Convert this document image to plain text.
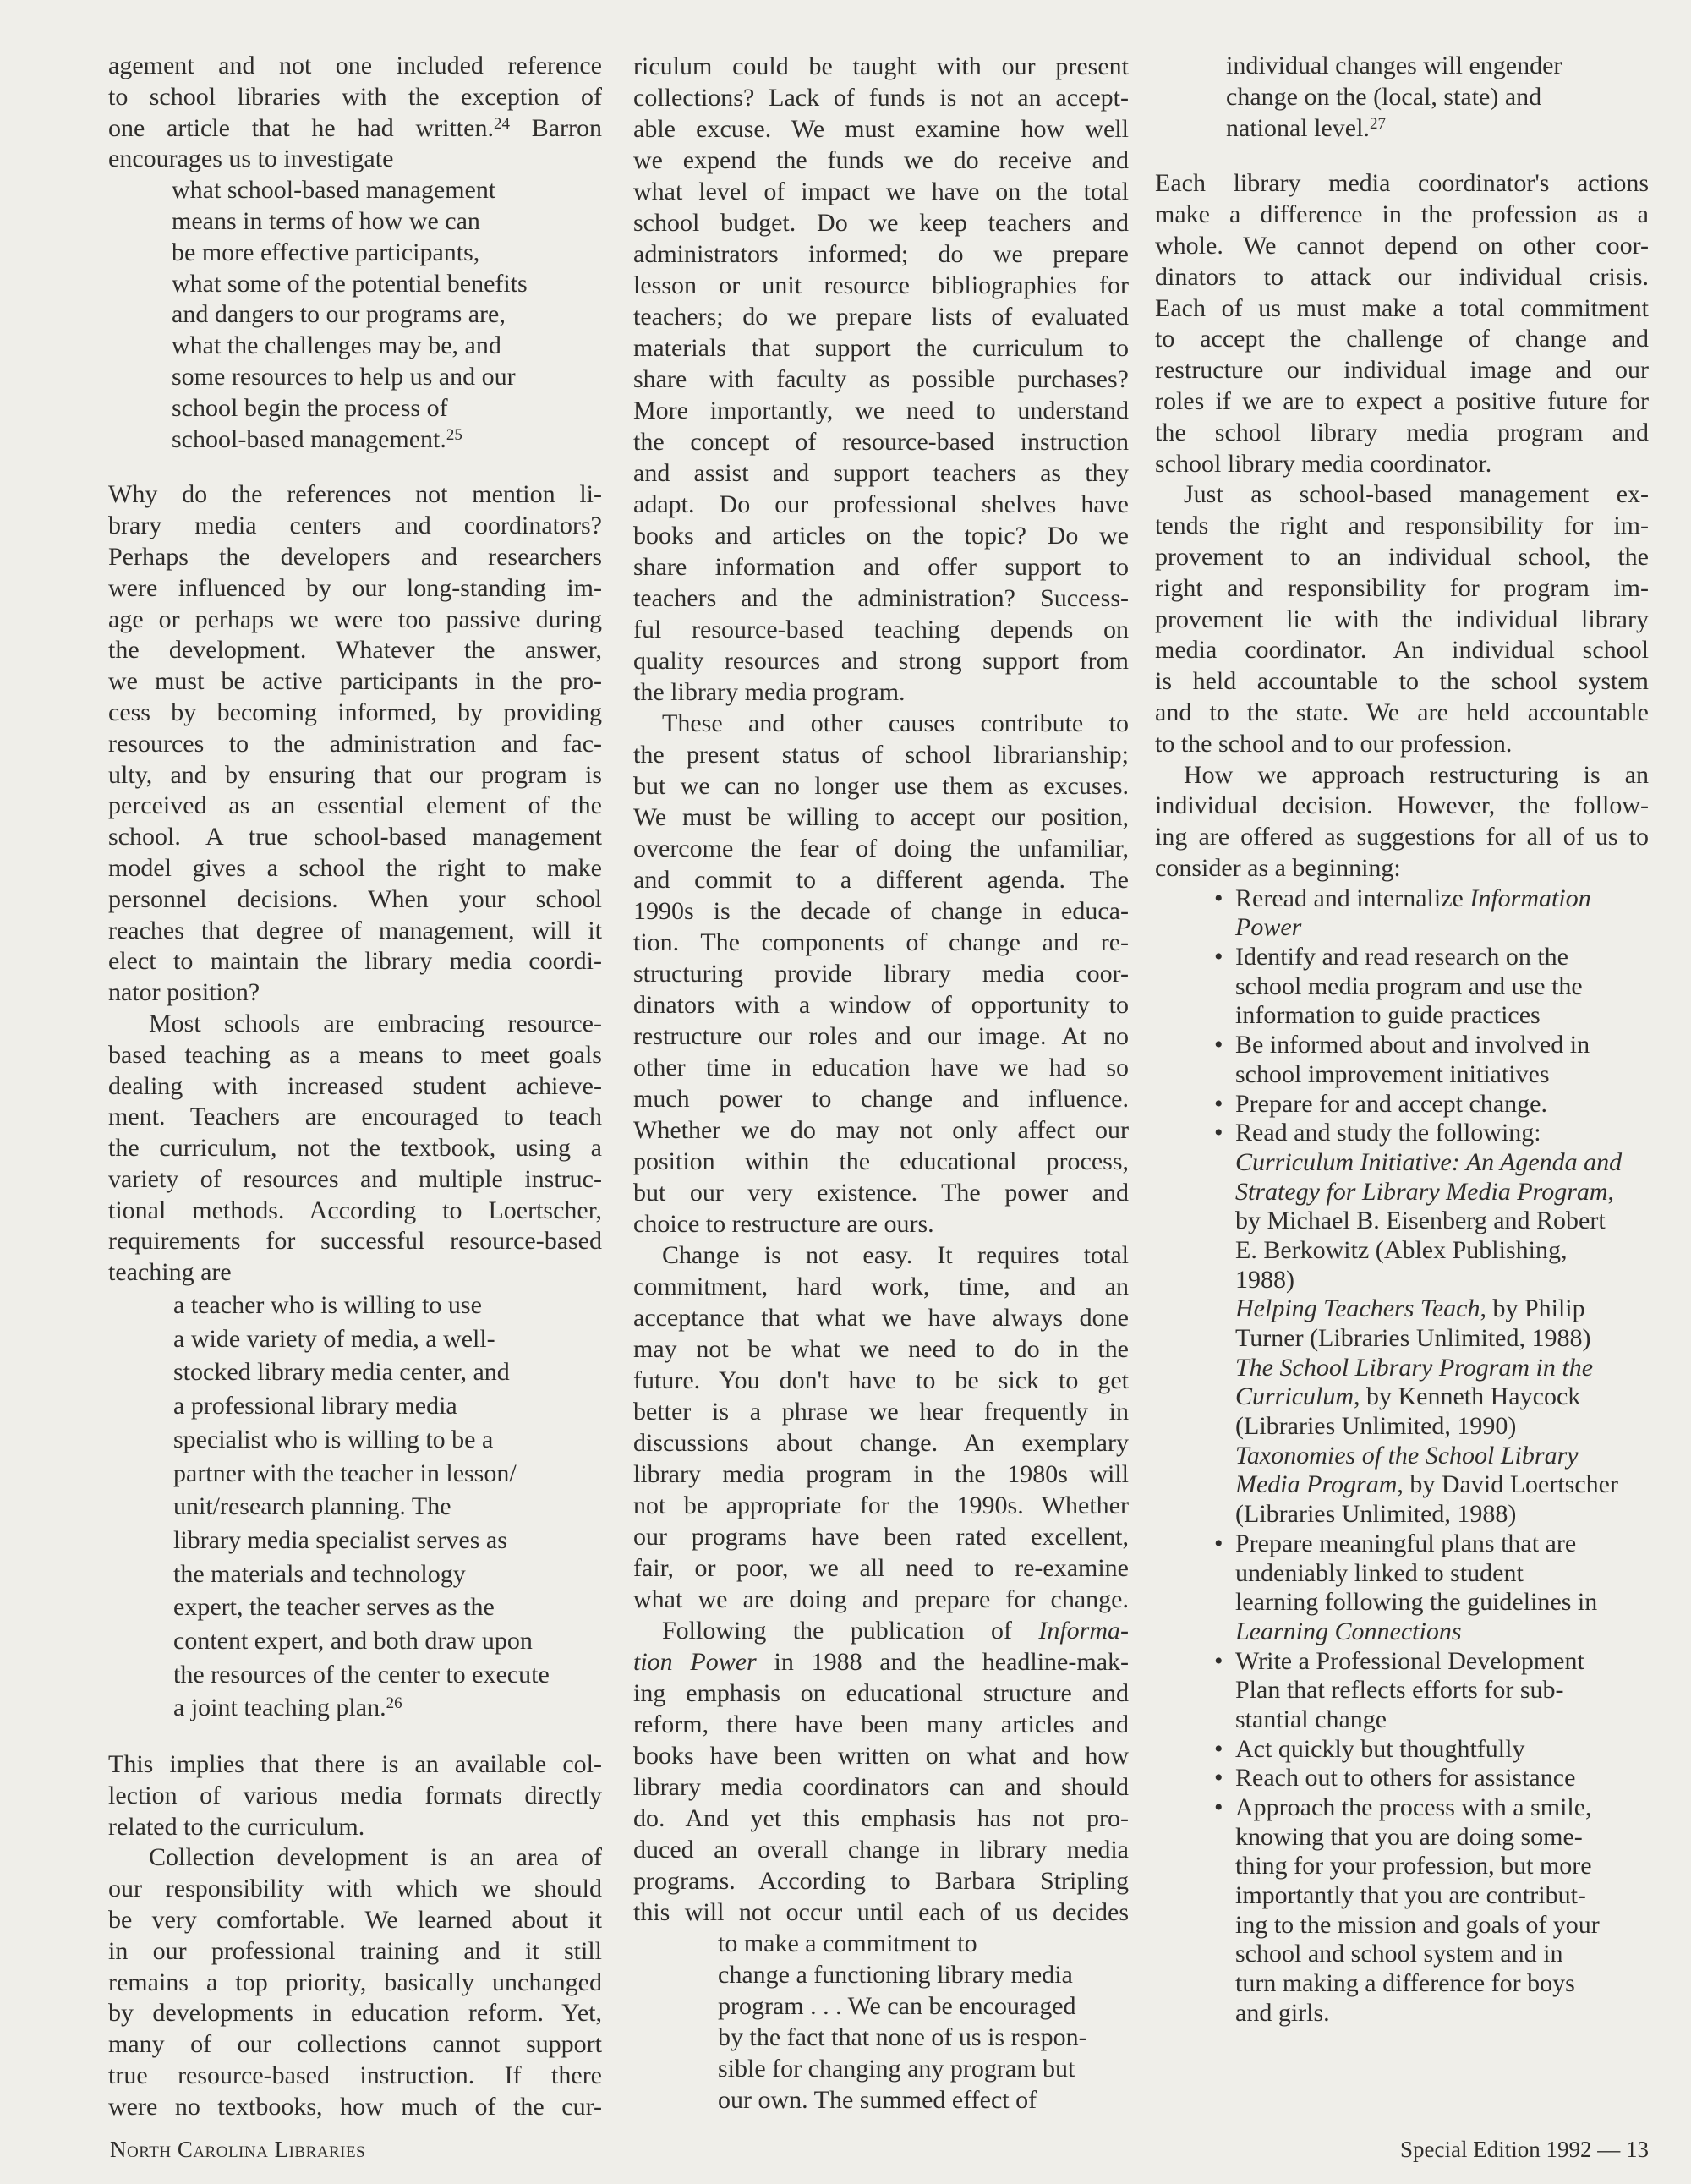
agement and not one included reference
to school libraries with the exception of
one article that he had written.$^{24}$ Barron
encourages us to investigate
what school-based management
means in terms of how we can
be more effective participants,
what some of the potential benefits
and dangers to our programs are,
what the challenges may be, and
some resources to help us and our
school begin the process of
school-based management.$^{25}$
Why do the references not mention li-
brary media centers and coordinators?
Perhaps the developers and researchers
were influenced by our long-standing im-
age or perhaps we were too passive during
the development. Whatever the answer,
we must be active participants in the pro-
cess by becoming informed, by providing
resources to the administration and fac-
ulty, and by ensuring that our program is
perceived as an essential element of the
school. A true school-based management
model gives a school the right to make
personnel decisions. When your school
reaches that degree of management, will it
elect to maintain the library media coordi-
nator position?
Most schools are embracing resource-
based teaching as a means to meet goals
dealing with increased student achieve-
ment. Teachers are encouraged to teach
the curriculum, not the textbook, using a
variety of resources and multiple instruc-
tional methods. According to Loertscher,
requirements for successful resource-based
teaching are
a teacher who is willing to use
a wide variety of media, a well-
stocked library media center, and
a professional library media
specialist who is willing to be a
partner with the teacher in lesson/
unit/research planning. The
library media specialist serves as
the materials and technology
expert, the teacher serves as the
content expert, and both draw upon
the resources of the center to execute
a joint teaching plan.$^{26}$
This implies that there is an available col-
lection of various media formats directly
related to the curriculum.
Collection development is an area of
our responsibility with which we should
be very comfortable. We learned about it
in our professional training and it still
remains a top priority, basically unchanged
by developments in education reform. Yet,
many of our collections cannot support
true resource-based instruction. If there
were no textbooks, how much of the cur-
riculum could be taught with our present
collections? Lack of funds is not an accept-
able excuse. We must examine how well
we expend the funds we do receive and
what level of impact we have on the total
school budget. Do we keep teachers and
administrators informed; do we prepare
lesson or unit resource bibliographies for
teachers; do we prepare lists of evaluated
materials that support the curriculum to
share with faculty as possible purchases?
More importantly, we need to understand
the concept of resource-based instruction
and assist and support teachers as they
adapt. Do our professional shelves have
books and articles on the topic? Do we
share information and offer support to
teachers and the administration? Success-
ful resource-based teaching depends on
quality resources and strong support from
the library media program.
These and other causes contribute to
the present status of school librarianship;
but we can no longer use them as excuses.
We must be willing to accept our position,
overcome the fear of doing the unfamiliar,
and commit to a different agenda. The
1990s is the decade of change in educa-
tion. The components of change and re-
structuring provide library media coor-
dinators with a window of opportunity to
restructure our roles and our image. At no
other time in education have we had so
much power to change and influence.
Whether we do may not only affect our
position within the educational process,
but our very existence. The power and
choice to restructure are ours.
Change is not easy. It requires total
commitment, hard work, time, and an
acceptance that what we have always done
may not be what we need to do in the
future. You don't have to be sick to get
better is a phrase we hear frequently in
discussions about change. An exemplary
library media program in the 1980s will
not be appropriate for the 1990s. Whether
our programs have been rated excellent,
fair, or poor, we all need to re-examine
what we are doing and prepare for change.
Following the publication of Informa-
tion Power in 1988 and the headline-mak-
ing emphasis on educational structure and
reform, there have been many articles and
books have been written on what and how
library media coordinators can and should
do. And yet this emphasis has not pro-
duced an overall change in library media
programs. According to Barbara Stripling
this will not occur until each of us decides
to make a commitment to
change a functioning library media
program . . . We can be encouraged
by the fact that none of us is respon-
sible for changing any program but
our own. The summed effect of
individual changes will engender
change on the (local, state) and
national level.$^{27}$
Each library media coordinator's actions
make a difference in the profession as a
whole. We cannot depend on other coor-
dinators to attack our individual crisis.
Each of us must make a total commitment
to accept the challenge of change and
restructure our individual image and our
roles if we are to expect a positive future for
the school library media program and
school library media coordinator.
Just as school-based management ex-
tends the right and responsibility for im-
provement to an individual school, the
right and responsibility for program im-
provement lie with the individual library
media coordinator. An individual school
is held accountable to the school system
and to the state. We are held accountable
to the school and to our profession.
How we approach restructuring is an
individual decision. However, the follow-
ing are offered as suggestions for all of us to
consider as a beginning:
• Reread and internalize Information
Power
• Identify and read research on the
school media program and use the
information to guide practices
• Be informed about and involved in
school improvement initiatives
• Prepare for and accept change.
• Read and study the following:
Curriculum Initiative: An Agenda and
Strategy for Library Media Program,
by Michael B. Eisenberg and Robert
E. Berkowitz (Ablex Publishing,
1988)
Helping Teachers Teach, by Philip
Turner (Libraries Unlimited, 1988)
The School Library Program in the
Curriculum, by Kenneth Haycock
(Libraries Unlimited, 1990)
Taxonomies of the School Library
Media Program, by David Loertscher
(Libraries Unlimited, 1988)
• Prepare meaningful plans that are
undeniably linked to student
learning following the guidelines in
Learning Connections
• Write a Professional Development
Plan that reflects efforts for sub-
stantial change
• Act quickly but thoughtfully
• Reach out to others for assistance
• Approach the process with a smile,
knowing that you are doing some-
thing for your profession, but more
importantly that you are contribut-
ing to the mission and goals of your
school and school system and in
turn making a difference for boys
and girls.
North Carolina Libraries	Special Edition 1992 — 13
